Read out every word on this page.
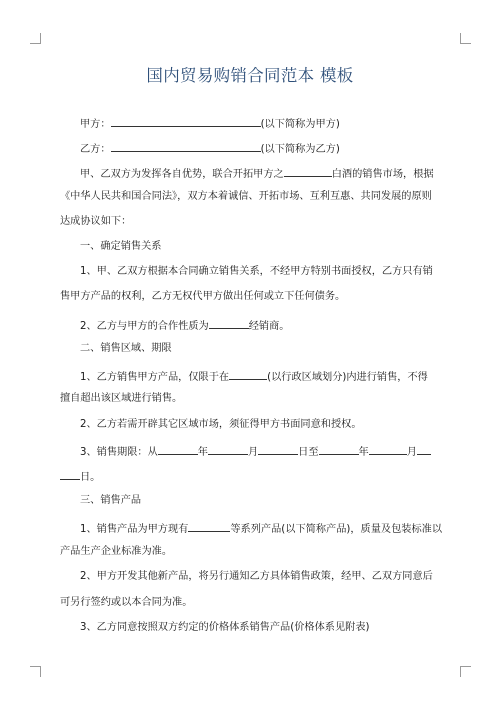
国内贸易购销合同范本 模板
甲方：	(以下简称为甲方)
乙方：	(以下简称为乙方)
甲、乙双方为发挥各自优势，联合开拓甲方之	白酒的销售市场，根据
《中华人民共和国合同法》，双方本着诚信、开拓市场、互利互惠、共同发展的原则
达成协议如下：
一、确定销售关系
1、甲、乙双方根据本合同确立销售关系，不经甲方特别书面授权，乙方只有销
售甲方产品的权利，乙方无权代甲方做出任何或立下任何债务。
2、乙方与甲方的合作性质为	经销商。
二、销售区域、期限
1、乙方销售甲方产品，仅限于在	(以行政区域划分)内进行销售，不得
擅自超出该区域进行销售。
2、乙方若需开辟其它区域市场，须征得甲方书面同意和授权。
3、销售期限：从	年	月	日至	年	月
日。
三、销售产品
1、销售产品为甲方现有	等系列产品(以下简称产品)，质量及包装标准以
产品生产企业标准为准。
2、甲方开发其他新产品，将另行通知乙方具体销售政策，经甲、乙双方同意后
可另行签约或以本合同为准。
3、乙方同意按照双方约定的价格体系销售产品(价格体系见附表)
